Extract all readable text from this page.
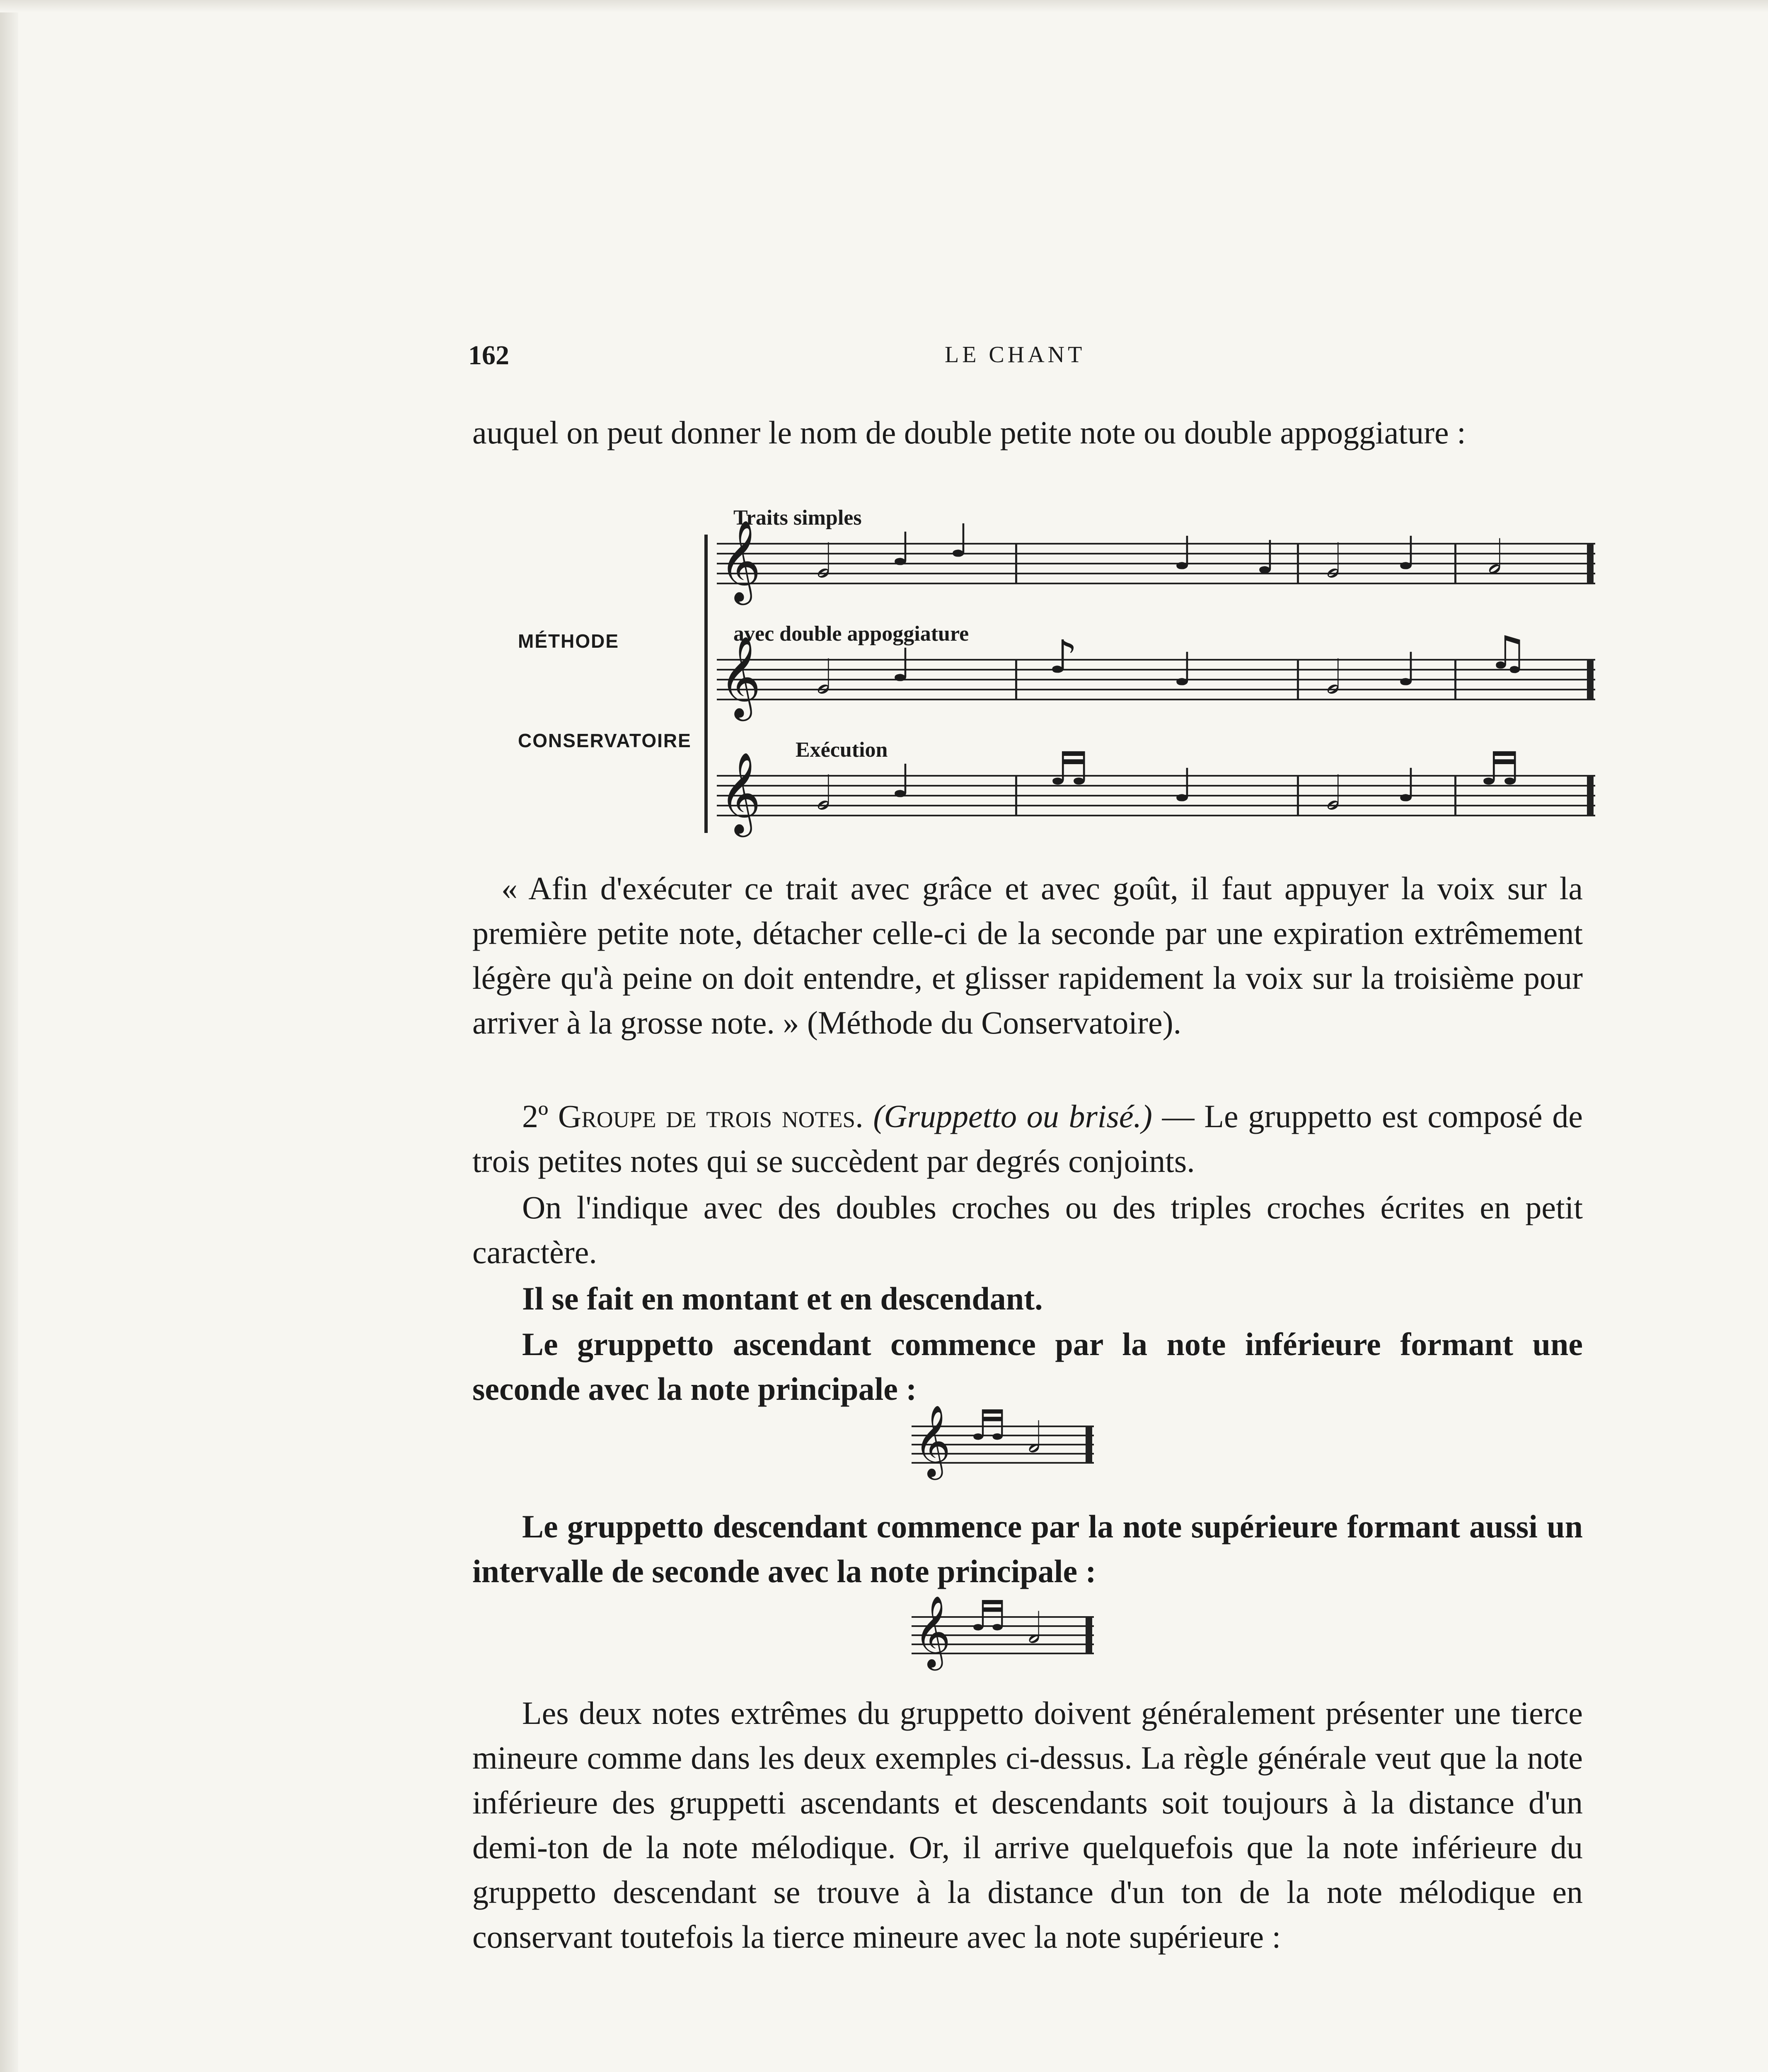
162	LE CHANT

auquel on peut donner le nom de double petite note ou double appoggiature :

MÉTHODE
CONSERVATOIRE
Traits simples
𝄞 𝅗𝅥 ♩ ♩	♩ ♩ 𝅗𝅥 ♩ 𝅗𝅥
avec double appoggiature
𝄞 𝅗𝅥 ♩	♪ ♩	𝅗𝅥 ♩ ♫
Exécution
𝄞 𝅗𝅥 ♩	♬ ♩	𝅗𝅥 ♩ ♬

« Afin d'exécuter ce trait avec grâce et avec goût, il faut appuyer la voix sur la première petite note, détacher celle-ci de la seconde par une expiration extrêmement légère qu'à peine on doit entendre, et glisser rapidement la voix sur la troisième pour arriver à la grosse note. » (Méthode du Conservatoire).

2º Groupe de trois notes. (Gruppetto ou brisé.) — Le gruppetto est composé de trois petites notes qui se succèdent par degrés conjoints.

On l'indique avec des doubles croches ou des triples croches écrites en petit caractère.

Il se fait en montant et en descendant.

Le gruppetto ascendant commence par la note inférieure formant une seconde avec la note principale :

𝄞 ♬ 𝅗𝅥

Le gruppetto descendant commence par la note supérieure formant aussi un intervalle de seconde avec la note principale :

𝄞 ♬ 𝅗𝅥

Les deux notes extrêmes du gruppetto doivent généralement présenter une tierce mineure comme dans les deux exemples ci-dessus. La règle générale veut que la note inférieure des gruppetti ascendants et descendants soit toujours à la distance d'un demi-ton de la note mélodique. Or, il arrive quelquefois que la note inférieure du gruppetto descendant se trouve à la distance d'un ton de la note mélodique en conservant toutefois la tierce mineure avec la note supérieure :
